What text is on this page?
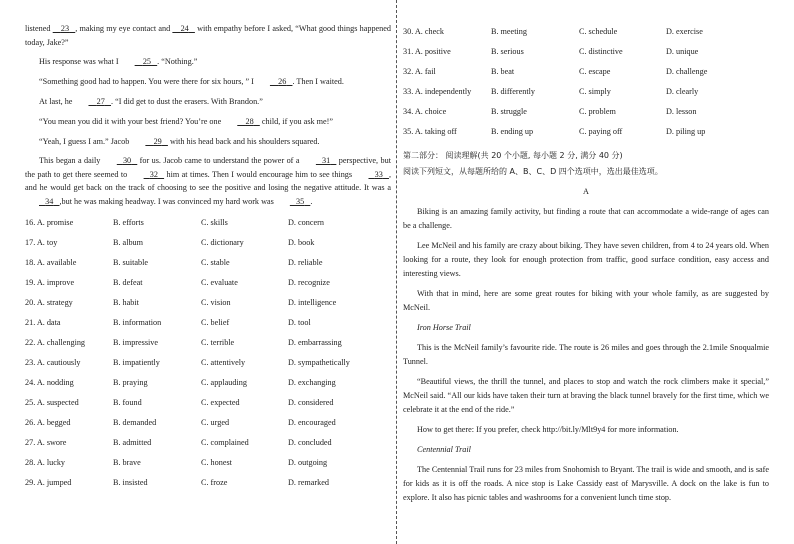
listened     23 , making my eye contact and     24    with empathy before I asked, “What good things happened today, Jake?”

His response was what I	25 . “Nothing.”

“Something good had to happen. You were there for six hours, ” I	26 . Then I waited.

At last, he	27 . “I did get to dust the erasers. With Brandon.”

“You mean you did it with your best friend? You’re one	28    child, if you ask me!”

“Yeah, I guess I am.” Jacob	29    with his head back and his shoulders squared.

This began a daily    30    for us. Jacob came to understand the power of a    31    perspective, but the path to get there seemed to    32    him at times. Then I would encourage him to see things    33 , and he would get back on the track of choosing to see the positive and losing the negative attitude. It was a    34 ,but he was making headway. I was convinced my hard work was    35 .

16. A. promise	B. efforts	C. skills	D. concern
17. A. toy	B. album	C. dictionary	D. book
18. A. available	B. suitable	C. stable	D. reliable
19. A. improve	B. defeat	C. evaluate	D. recognize
20. A. strategy	B. habit	C. vision	D. intelligence
21. A. data	B. information	C. belief	D. tool
22. A. challenging	B. impressive	C. terrible	D. embarrassing
23. A. cautiously	B. impatiently	C. attentively	D. sympathetically
24. A. nodding	B. praying	C. applauding	D. exchanging
25. A. suspected	B. found	C. expected	D. considered
26. A. begged	B. demanded	C. urged	D. encouraged
27. A. swore	B. admitted	C. complained	D. concluded
28. A. lucky	B. brave	C. honest	D. outgoing
29. A. jumped	B. insisted	C. froze	D. remarked
30. A. check	B. meeting	C. schedule	D. exercise
31. A. positive	B. serious	C. distinctive	D. unique
32. A. fail	B. beat	C. escape	D. challenge
33. A. independently	B. differently	C. simply	D. clearly
34. A. choice	B. struggle	C. problem	D. lesson
35. A. taking off	B. ending up	C. paying off	D. piling up
第二部分： 阅读理解(共 20 个小题, 每小题 2 分, 满分 40 分)
阅读下列短文，从每题所给的 A、B、C、D 四个选项中，选出最佳选项。
A

Biking is an amazing family activity, but finding a route that can accommodate a wide-range of ages can be a challenge.

Lee McNeil and his family are crazy about biking. They have seven children, from 4 to 24 years old. When looking for a route, they look for enough protection from traffic, good surface condition, easy access and interesting views.

With that in mind, here are some great routes for biking with your whole family, as are suggested by McNeil.

Iron Horse Trail

This is the McNeil family’s favourite ride. The route is 26 miles and goes through the 2.1mile Snoqualmie Tunnel.

“Beautiful views, the thrill the tunnel, and places to stop and watch the rock climbers make it special,” McNeil said. “All our kids have taken their turn at braving the black tunnel bravely for the first time, which we celebrate it at the end of the ride.”

How to get there: If you prefer, check http://bit.ly/Mlt9y4 for more information.

Centennial Trail

The Centennial Trail runs for 23 miles from Snohomish to Bryant. The trail is wide and smooth, and is safe for kids as it is off the roads. A nice stop is Lake Cassidy east of Marysville. A dock on the lake is fun to explore. It also has picnic tables and washrooms for a convenient lunch time stop.
